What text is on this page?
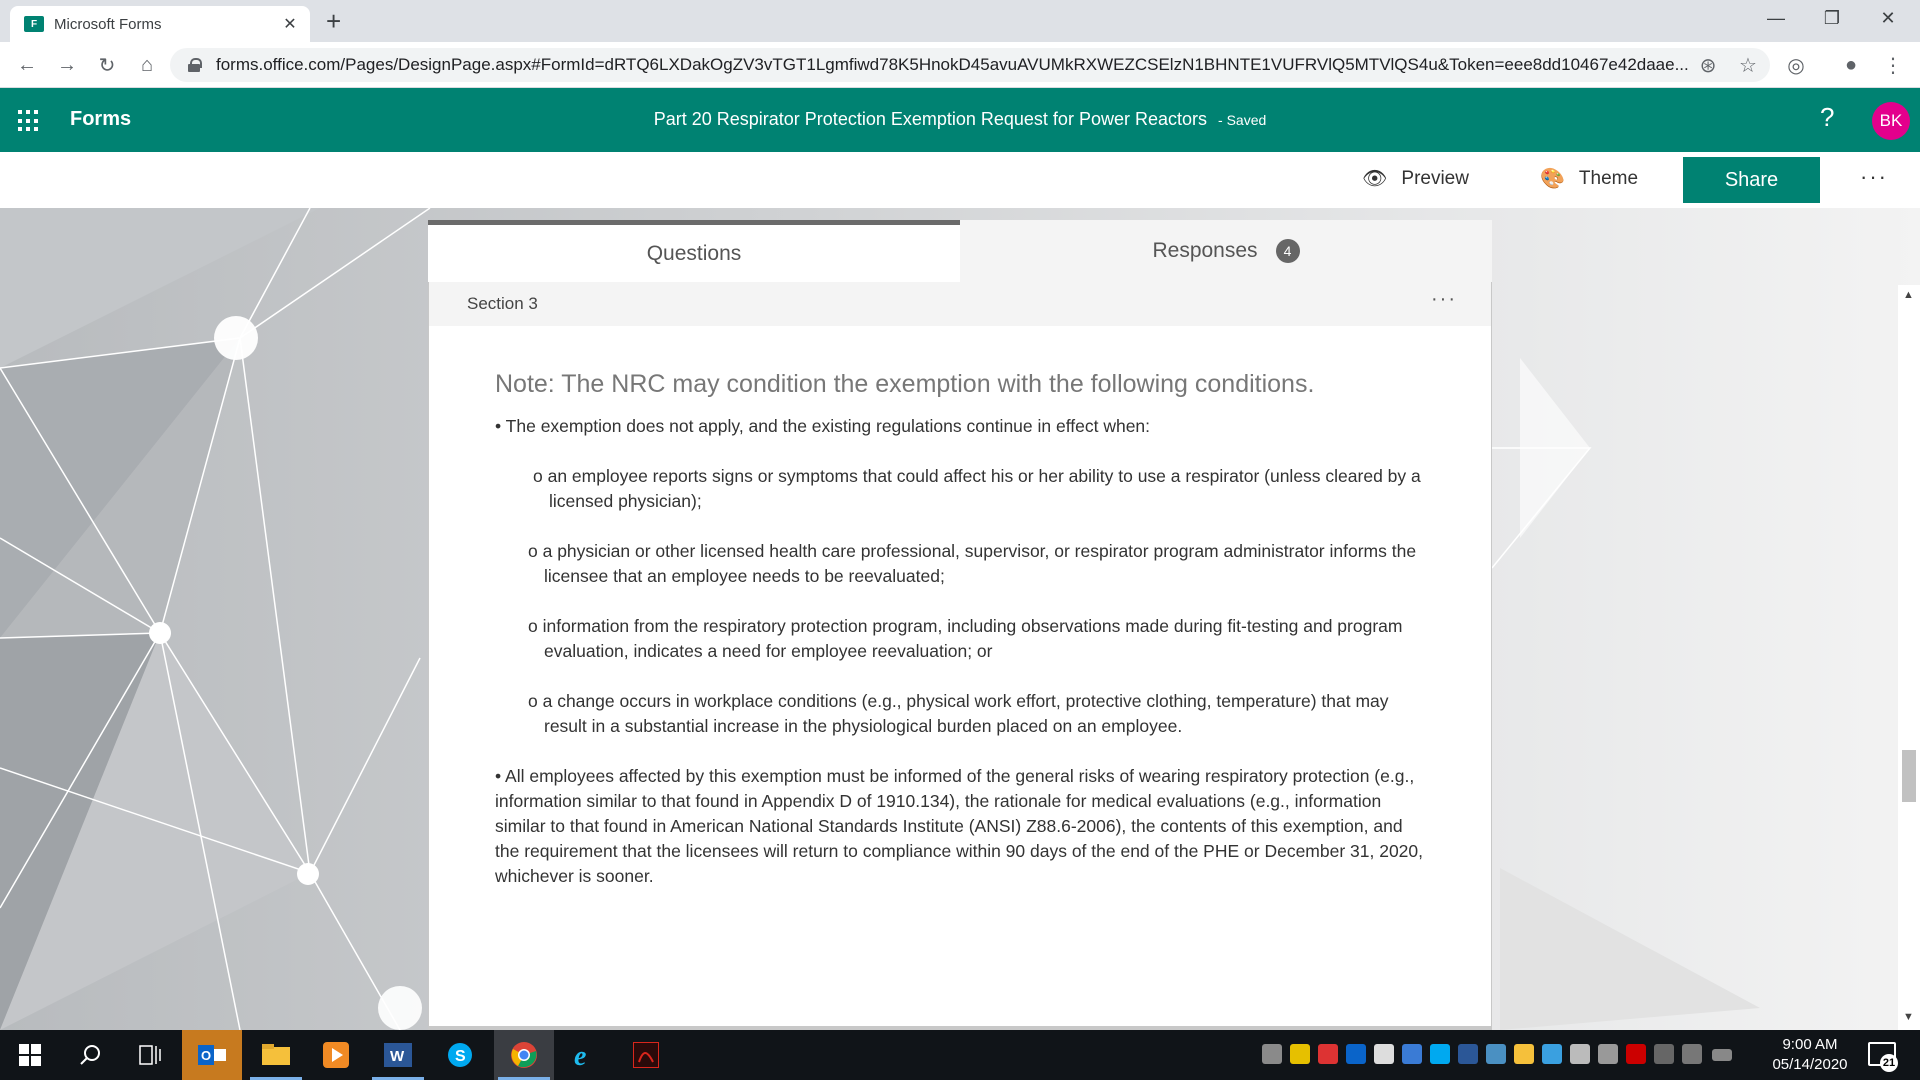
F	Microsoft Forms	✕ +	—	❐	✕
← →	↻	⌂	forms.office.com/Pages/DesignPage.aspx#FormId=dRTQ6LXDakOgZV3vTGT1Lgmfiwd78K5HnokD45avuAVUMkRXWEZCSElzN1BHNTE1VUFRVlQ5MTVlQS4u&Token=eee8dd10467e42daae... ⊛ ☆ ◎	●	⋮
Forms	Part 20 Respirator Protection Exemption Request for Power Reactors - Saved	?	BK
👁 Preview	🎨 Theme	Share	···
Questions	Responses	4
Section 3	···
Note: The NRC may condition the exemption with the following conditions.
• The exemption does not apply, and the existing regulations continue in effect when:
o an employee reports signs or symptoms that could affect his or her ability to use a respirator (unless cleared by a licensed physician);
o a physician or other licensed health care professional, supervisor, or respirator program administrator informs the licensee that an employee needs to be reevaluated;
o information from the respiratory protection program, including observations made during fit-testing and program evaluation, indicates a need for employee reevaluation; or
o a change occurs in workplace conditions (e.g., physical work effort, protective clothing, temperature) that may result in a substantial increase in the physiological burden placed on an employee.
• All employees affected by this exemption must be informed of the general risks of wearing respiratory protection (e.g., information similar to that found in Appendix D of 1910.134), the rationale for medical evaluations (e.g., information similar to that found in American National Standards Institute (ANSI) Z88.6-2006), the contents of this exemption, and the requirement that the licensees will return to compliance within 90 days of the end of the PHE or December 31, 2020, whichever is sooner.
▲
▼
O	W	S	e	9:00 AM
05/14/2020	21
